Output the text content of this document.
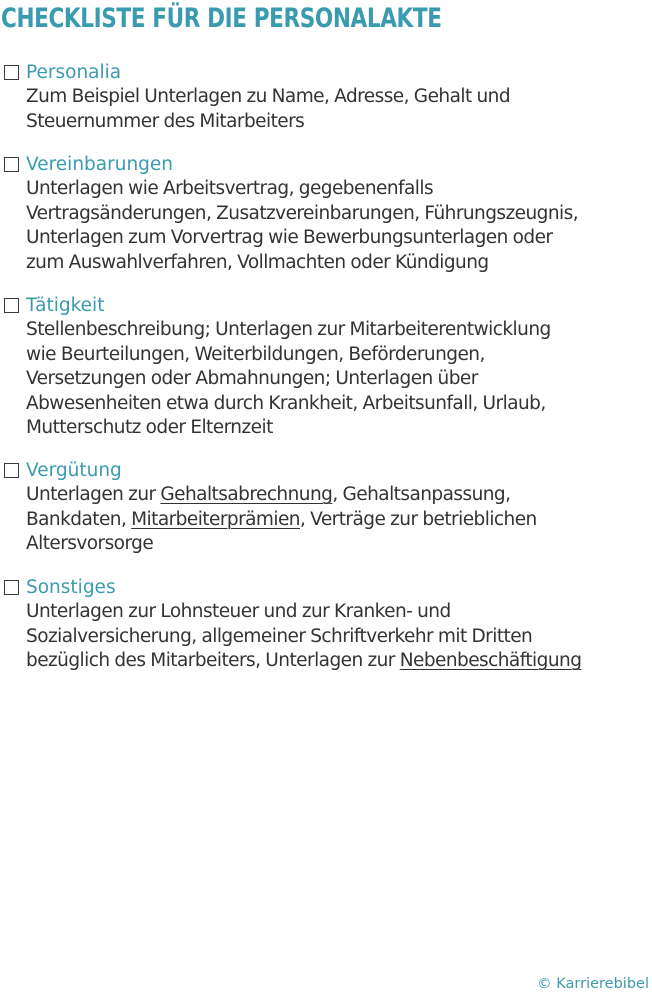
CHECKLISTE FÜR DIE PERSONALAKTE
Personalia

Zum Beispiel Unterlagen zu Name, Adresse, Gehalt und
Steuernummer des Mitarbeiters

Vereinbarungen

Unterlagen wie Arbeitsvertrag, gegebenenfalls
Vertragsänderungen, Zusatzvereinbarungen, Führungszeugnis,
Unterlagen zum Vorvertrag wie Bewerbungsunterlagen oder
zum Auswahlverfahren, Vollmachten oder Kündigung

Tätigkeit

Stellenbeschreibung; Unterlagen zur Mitarbeiterentwicklung
wie Beurteilungen, Weiterbildungen, Beförderungen,
Versetzungen oder Abmahnungen; Unterlagen über
Abwesenheiten etwa durch Krankheit, Arbeitsunfall, Urlaub,
Mutterschutz oder Elternzeit

Vergütung

Unterlagen zur Gehaltsabrechnung, Gehaltsanpassung,
Bankdaten, Mitarbeiterprämien, Verträge zur betrieblichen
Altersvorsorge

Sonstiges

Unterlagen zur Lohnsteuer und zur Kranken- und
Sozialversicherung, allgemeiner Schriftverkehr mit Dritten
bezüglich des Mitarbeiters, Unterlagen zur Nebenbeschäftigung

© Karrierebibel
